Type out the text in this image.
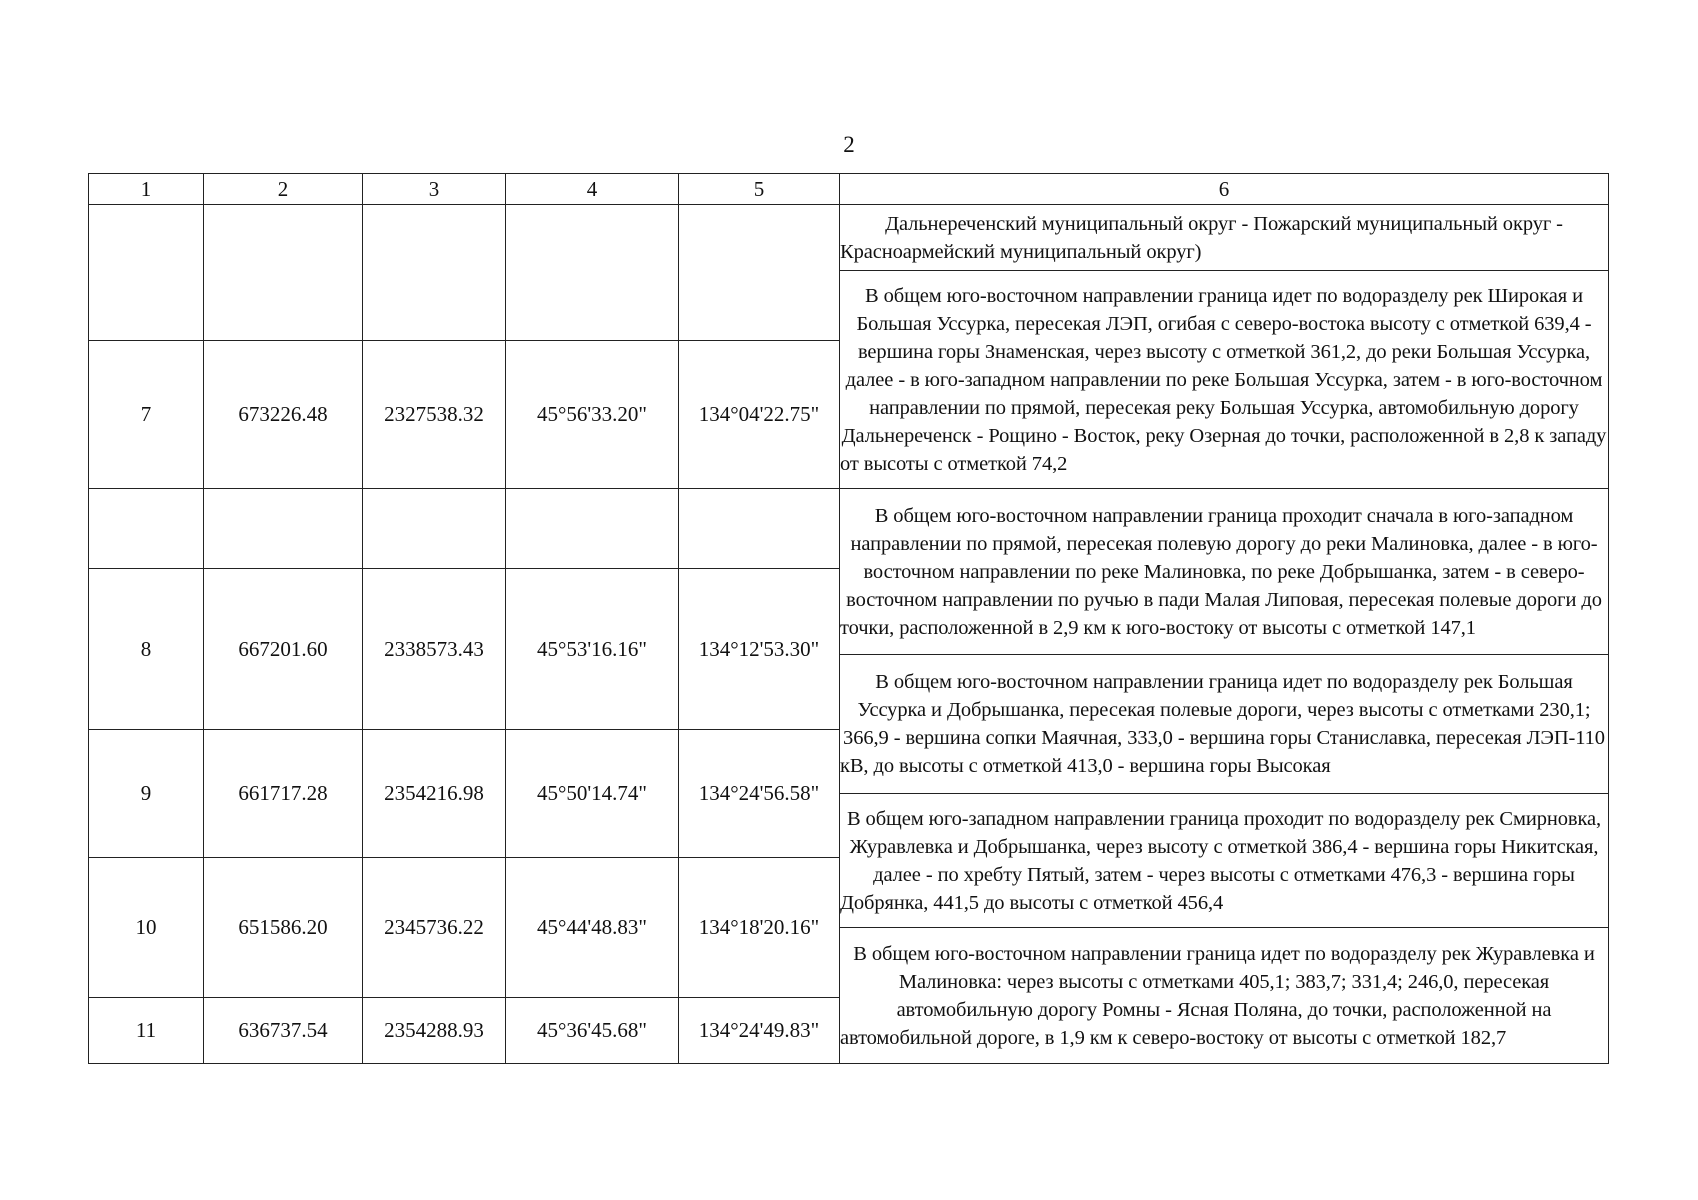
2
1	2	3	4	5	6
					Дальнереченский муниципальный округ - Пожарский муниципальный округ - Красноармейский муниципальный округ)
					В общем юго-восточном направлении граница идет по водоразделу рек Широкая и Большая Уссурка, пересекая ЛЭП, огибая с северо-востока высоту с отметкой 639,4 - вершина горы Знаменская, через высоту с отметкой 361,2, до реки Большая Уссурка, далее - в юго-западном направлении по реке Большая Уссурка, затем - в юго-восточном направлении по прямой, пересекая реку Большая Уссурка, автомобильную дорогу Дальнереченск - Рощино - Восток, реку Озерная до точки, расположенной в 2,8 к западу от высоты с отметкой 74,2
7	673226.48	2327538.32	45°56'33.20"	134°04'22.75"	

					В общем юго-восточном направлении граница проходит сначала в юго-западном направлении по прямой, пересекая полевую дорогу до реки Малиновка, далее - в юго-восточном направлении по реке Малиновка, по реке Добрышанка, затем - в северо-восточном направлении по ручью в пади Малая Липовая, пересекая полевые дороги до точки, расположенной в 2,9 км к юго-востоку от высоты с отметкой 147,1
8	667201.60	2338573.43	45°53'16.16"	134°12'53.30"	
					В общем юго-восточном направлении граница идет по водоразделу рек Большая Уссурка и Добрышанка, пересекая полевые дороги, через высоты с отметками 230,1; 366,9 - вершина сопки Маячная, 333,0 - вершина горы Станиславка, пересекая ЛЭП-110 кВ, до высоты с отметкой 413,0 - вершина горы Высокая
9	661717.28	2354216.98	45°50'14.74"	134°24'56.58"	
					В общем юго-западном направлении граница проходит по водоразделу рек Смирновка, Журавлевка и Добрышанка, через высоту с отметкой 386,4 - вершина горы Никитская, далее - по хребту Пятый, затем - через высоты с отметками 476,3 - вершина горы Добрянка, 441,5 до высоты с отметкой 456,4
10	651586.20	2345736.22	45°44'48.83"	134°18'20.16"	
					В общем юго-восточном направлении граница идет по водоразделу рек Журавлевка и Малиновка: через высоты с отметками 405,1; 383,7; 331,4; 246,0, пересекая автомобильную дорогу Ромны - Ясная Поляна, до точки, расположенной на автомобильной дороге, в 1,9 км к северо-востоку от высоты с отметкой 182,7
11	636737.54	2354288.93	45°36'45.68"	134°24'49.83"	
